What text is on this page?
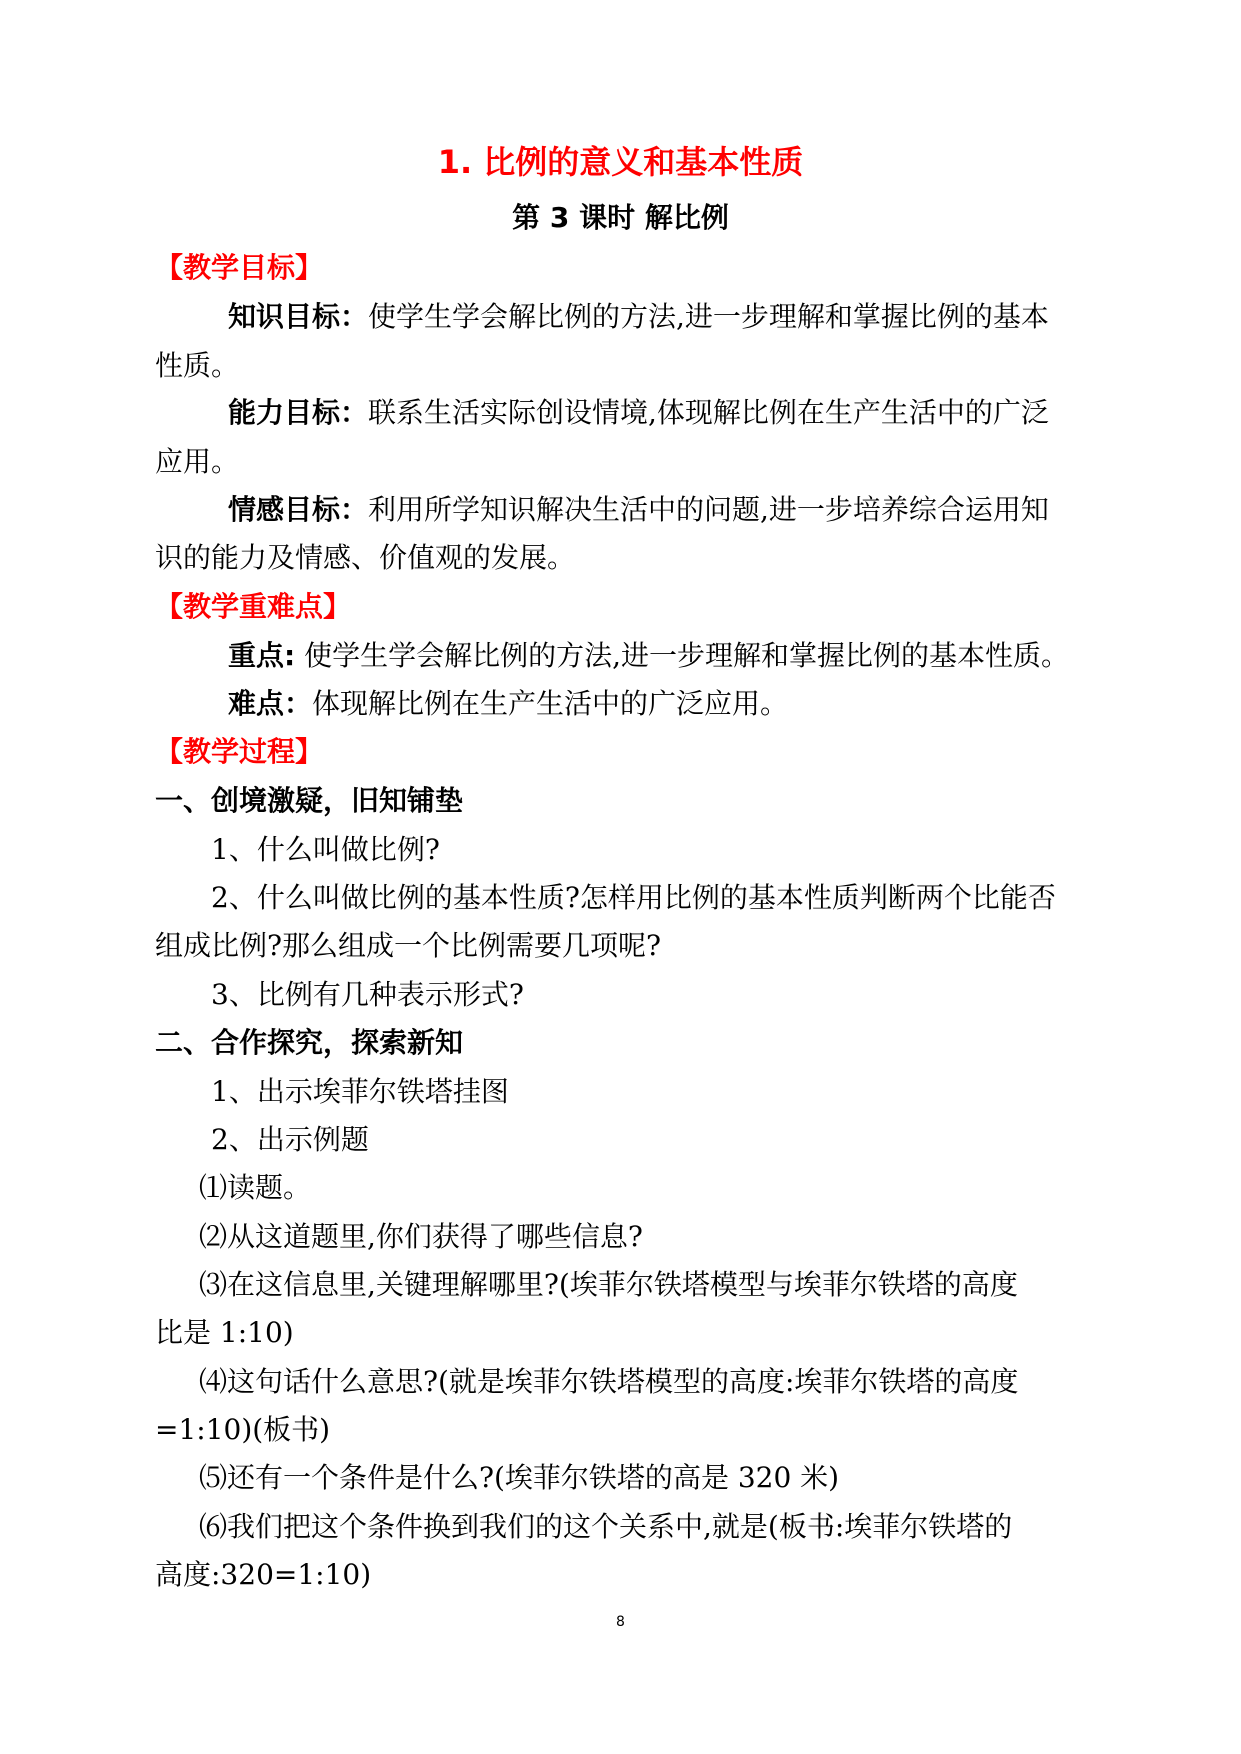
1. 比例的意义和基本性质
第 3 课时 解比例
【教学目标】
知识目标：使学生学会解比例的方法,进一步理解和掌握比例的基本
性质。
能力目标：联系生活实际创设情境,体现解比例在生产生活中的广泛
应用。
情感目标：利用所学知识解决生活中的问题,进一步培养综合运用知
识的能力及情感、价值观的发展。
【教学重难点】
重点: 使学生学会解比例的方法,进一步理解和掌握比例的基本性质。
难点：体现解比例在生产生活中的广泛应用。
【教学过程】
一、创境激疑，旧知铺垫
1、什么叫做比例?
2、什么叫做比例的基本性质?怎样用比例的基本性质判断两个比能否
组成比例?那么组成一个比例需要几项呢?
3、比例有几种表示形式?
二、合作探究，探索新知
1、出示埃菲尔铁塔挂图
2、出示例题
⑴读题。
⑵从这道题里,你们获得了哪些信息?
⑶在这信息里,关键理解哪里?(埃菲尔铁塔模型与埃菲尔铁塔的高度
比是 1:10)
⑷这句话什么意思?(就是埃菲尔铁塔模型的高度:埃菲尔铁塔的高度
=1:10)(板书)
⑸还有一个条件是什么?(埃菲尔铁塔的高是 320 米)
⑹我们把这个条件换到我们的这个关系中,就是(板书:埃菲尔铁塔的
高度:320=1:10)
8
